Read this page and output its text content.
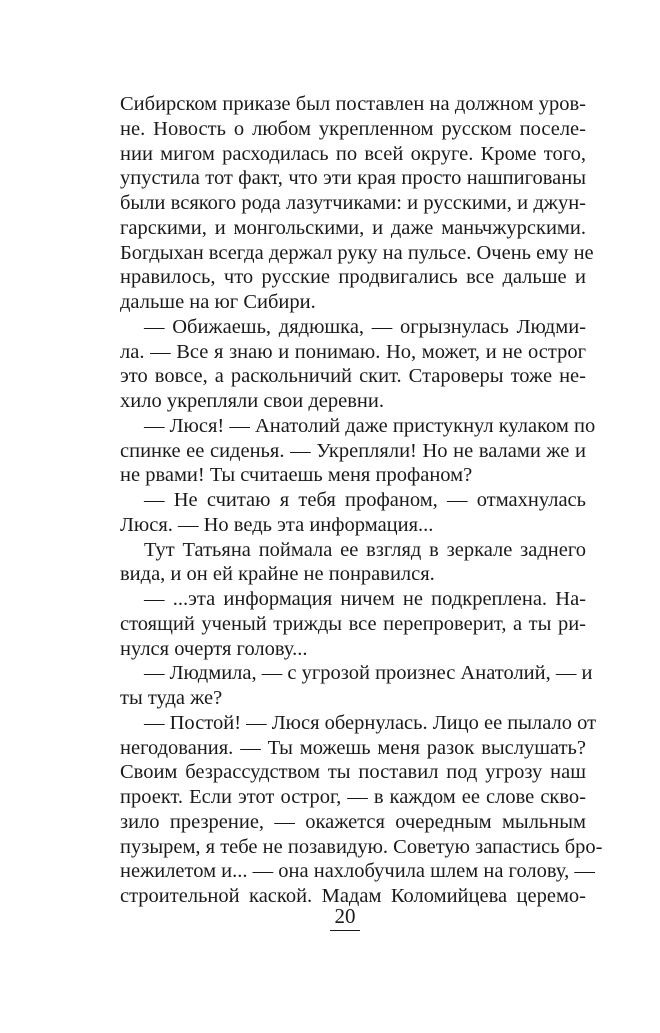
Сибирском приказе был поставлен на должном уров-
не. Новость о любом укрепленном русском поселе-
нии мигом расходилась по всей округе. Кроме того,
упустила тот факт, что эти края просто нашпигованы
были всякого рода лазутчиками: и русскими, и джун-
гарскими, и монгольскими, и даже маньчжурскими.
Богдыхан всегда держал руку на пульсе. Очень ему не
нравилось, что русские продвигались все дальше и
дальше на юг Сибири.
— Обижаешь, дядюшка, — огрызнулась Людми-
ла. — Все я знаю и понимаю. Но, может, и не острог
это вовсе, а раскольничий скит. Староверы тоже не-
хило укрепляли свои деревни.
— Люся! — Анатолий даже пристукнул кулаком по
спинке ее сиденья. — Укрепляли! Но не валами же и
не рвами! Ты считаешь меня профаном?
— Не считаю я тебя профаном, — отмахнулась
Люся. — Но ведь эта информация...
Тут Татьяна поймала ее взгляд в зеркале заднего
вида, и он ей крайне не понравился.
— ...эта информация ничем не подкреплена. На-
стоящий ученый трижды все перепроверит, а ты ри-
нулся очертя голову...
— Людмила, — с угрозой произнес Анатолий, — и
ты туда же?
— Постой! — Люся обернулась. Лицо ее пылало от
негодования. — Ты можешь меня разок выслушать?
Своим безрассудством ты поставил под угрозу наш
проект. Если этот острог, — в каждом ее слове скво-
зило презрение, — окажется очередным мыльным
пузырем, я тебе не позавидую. Советую запастись бро-
нежилетом и... — она нахлобучила шлем на голову, —
строительной каской. Мадам Коломийцева церемо-
20
